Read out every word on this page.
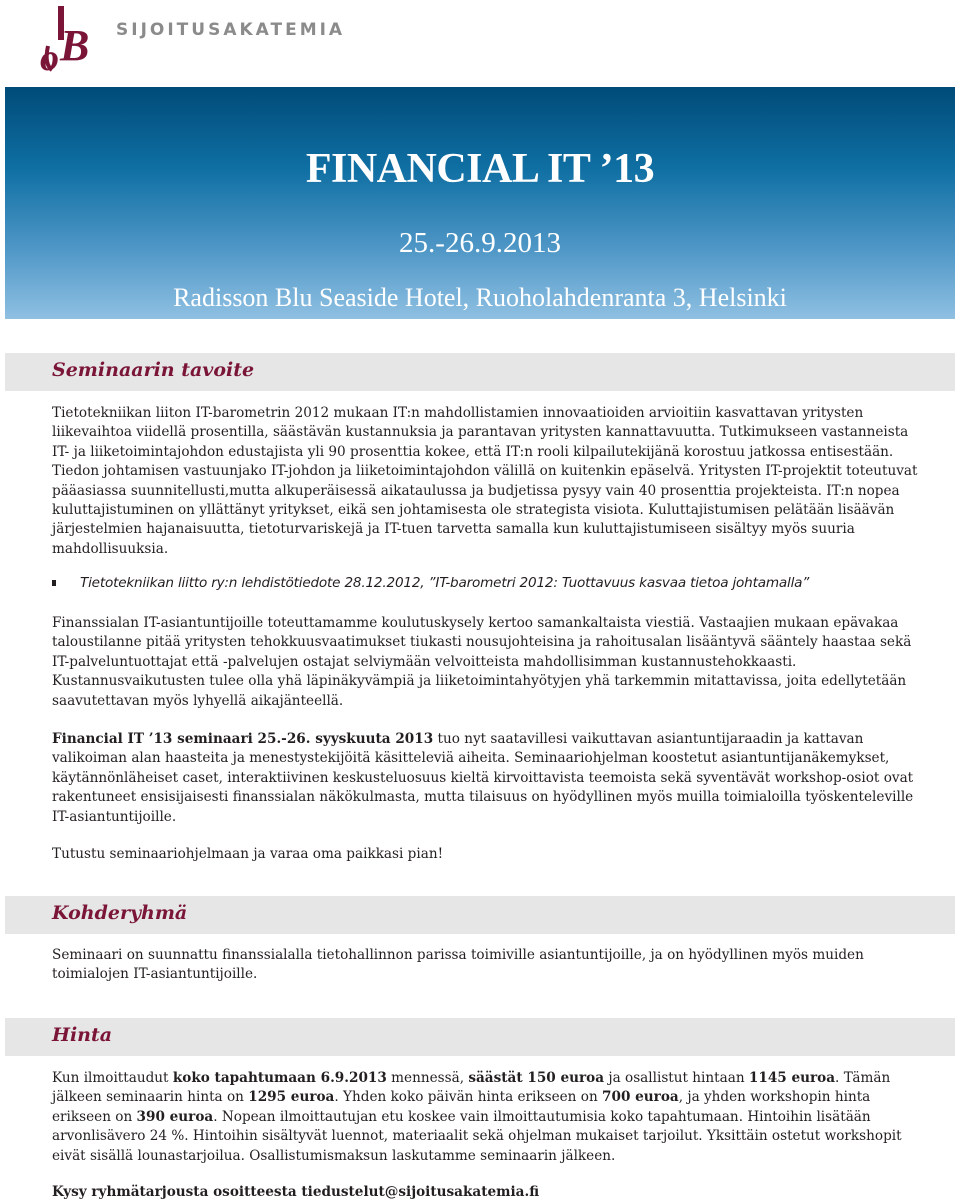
o B SIJOITUSAKATEMIA
FINANCIAL IT ’13
25.-26.9.2013
Radisson Blu Seaside Hotel, Ruoholahdenranta 3, Helsinki
Seminaarin tavoite

Tietotekniikan liiton IT-barometrin 2012 mukaan IT:n mahdollistamien innovaatioiden arvioitiin kasvattavan yritysten liikevaihtoa viidellä prosentilla, säästävän kustannuksia ja parantavan yritysten kannattavuutta. Tutkimukseen vastanneista IT- ja liiketoimintajohdon edustajista yli 90 prosenttia kokee, että IT:n rooli kilpailutekijänä korostuu jatkossa entisestään. Tiedon johtamisen vastuunjako IT-johdon ja liiketoimintajohdon välillä on kuitenkin epäselvä. Yritysten IT-projektit toteutuvat pääasiassa suunnitellusti,mutta alkuperäisessä aikataulussa ja budjetissa pysyy vain 40 prosenttia projekteista. IT:n nopea kuluttajistuminen on yllättänyt yritykset, eikä sen johtamisesta ole strategista visiota. Kuluttajistumisen pelätään lisäävän järjestelmien hajanaisuutta, tietoturvariskejä ja IT-tuen tarvetta samalla kun kuluttajistumiseen sisältyy myös suuria mahdollisuuksia.

Tietotekniikan liitto ry:n lehdistötiedote 28.12.2012, ”IT-barometri 2012: Tuottavuus kasvaa tietoa johtamalla”

Finanssialan IT-asiantuntijoille toteuttamamme koulutuskysely kertoo samankaltaista viestiä. Vastaajien mukaan epävakaa taloustilanne pitää yritysten tehokkuusvaatimukset tiukasti nousujohteisina ja rahoitusalan lisääntyvä sääntely haastaa sekä IT-palveluntuottajat että -palvelujen ostajat selviymään velvoitteista mahdollisimman kustannustehokkaasti. Kustannusvaikutusten tulee olla yhä läpinäkyvämpiä ja liiketoimintahyötyjen yhä tarkemmin mitattavissa, joita edellytetään saavutettavan myös lyhyellä aikajänteellä.

Financial IT ’13 seminaari 25.-26. syyskuuta 2013 tuo nyt saatavillesi vaikuttavan asiantuntijaraadin ja kattavan valikoiman alan haasteita ja menestystekijöitä käsitteleviä aiheita. Seminaariohjelman koostetut asiantuntijanäkemykset, käytännönläheiset caset, interaktiivinen keskusteluosuus kieltä kirvoittavista teemoista sekä syventävät workshop-osiot ovat rakentuneet ensisijaisesti finanssialan näkökulmasta, mutta tilaisuus on hyödyllinen myös muilla toimialoilla työskenteleville IT-asiantuntijoille.

Tutustu seminaariohjelmaan ja varaa oma paikkasi pian!

Kohderyhmä

Seminaari on suunnattu finanssialalla tietohallinnon parissa toimiville asiantuntijoille, ja on hyödyllinen myös muiden toimialojen IT-asiantuntijoille.

Hinta

Kun ilmoittaudut koko tapahtumaan 6.9.2013 mennessä, säästät 150 euroa ja osallistut hintaan 1145 euroa. Tämän jälkeen seminaarin hinta on 1295 euroa. Yhden koko päivän hinta erikseen on 700 euroa, ja yhden workshopin hinta erikseen on 390 euroa. Nopean ilmoittautujan etu koskee vain ilmoittautumisia koko tapahtumaan. Hintoihin lisätään arvonlisävero 24 %. Hintoihin sisältyvät luennot, materiaalit sekä ohjelman mukaiset tarjoilut. Yksittäin ostetut workshopit eivät sisällä lounastarjoilua. Osallistumismaksun laskutamme seminaarin jälkeen.

Kysy ryhmätarjousta osoitteesta tiedustelut@sijoitusakatemia.fi
